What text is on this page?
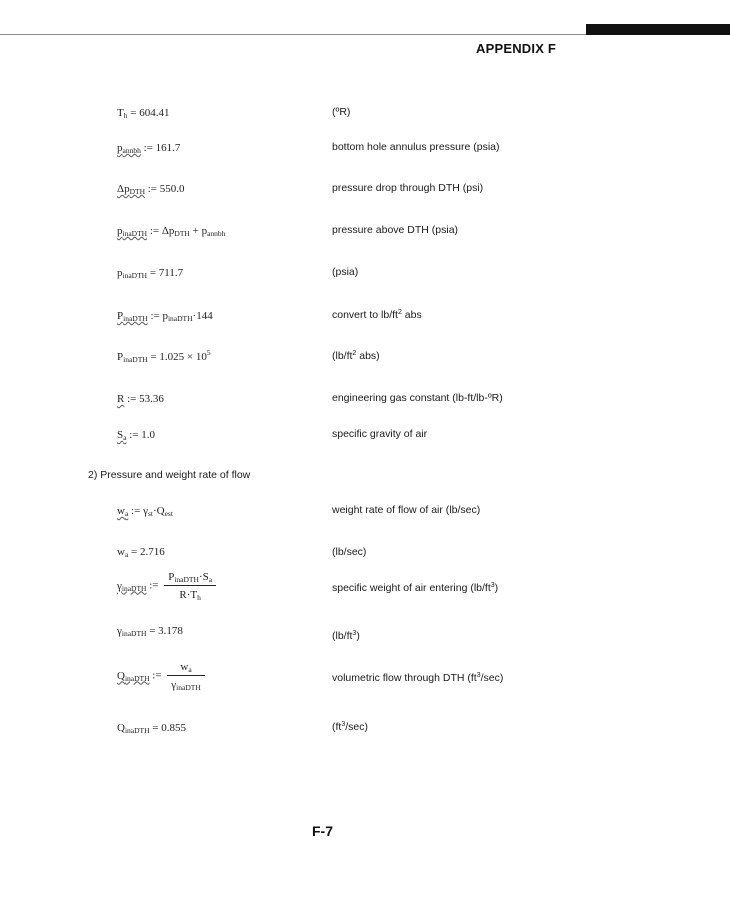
APPENDIX F
$T_h = 604.41$	(ºR)
$p_{annbh}$ := 161.7	bottom hole annulus pressure (psia)
$\Delta p_{DTH}$ := 550.0	pressure drop through DTH (psi)
$p_{inaDTH}$ := $\Delta p_{DTH} + p_{annbh}$	pressure above DTH (psia)
$p_{inaDTH} = 711.7$	(psia)
$P_{inaDTH}$ := $p_{inaDTH}\cdot 144$	convert to $lb/ft^2$ abs
$P_{inaDTH} = 1.025 \times 10^5$	($lb/ft^2$ abs)
R := 53.36	engineering gas constant (lb-ft/lb-ºR)
$S_a$ := 1.0	specific gravity of air
2) Pressure and weight rate of flow
$w_a$ := $\gamma_{st}\cdot Q_{est}$	weight rate of flow of air (lb/sec)
$w_a = 2.716$	(lb/sec)
$\gamma_{inaDTH}$ := $\frac{P_{inaDTH}\cdot S_a}{R\cdot T_h}$	specific weight of air entering $(lb/ft^3)$
$\gamma_{inaDTH} = 3.178$	$(lb/ft^3)$
$Q_{inaDTH}$ := $\frac{w_a}{\gamma_{inaDTH}}$	volumetric flow through DTH $(ft^3/\sec)$
$Q_{inaDTH} = 0.855$	$(ft^3/\sec)$
F-7
